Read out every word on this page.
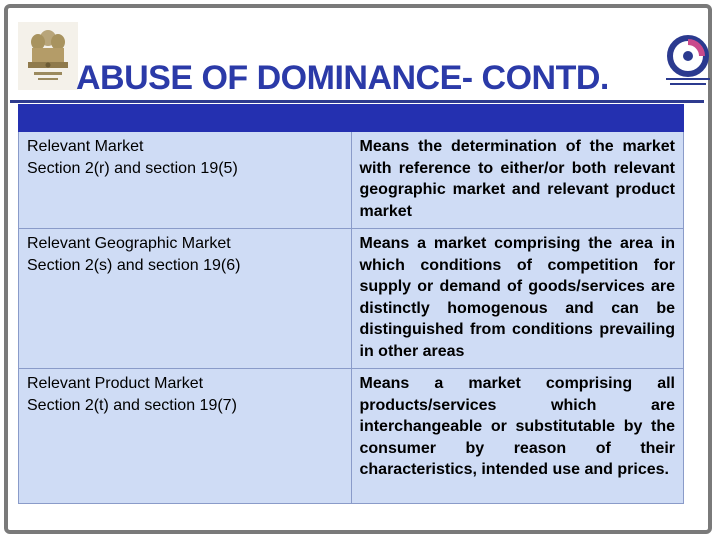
ABUSE OF DOMINANCE- CONTD.

Relevant Market
Section 2(r) and section 19(5)	Means the determination of the market with reference to either/or both relevant geographic market and relevant product market

Relevant Geographic Market
Section 2(s) and section 19(6)	Means a market comprising the area in which conditions of competition for supply or demand of goods/services are distinctly homogenous and can be distinguished from conditions prevailing in other areas

Relevant Product Market
Section 2(t) and section 19(7)	Means a market comprising all products/services which are interchangeable or substitutable by the consumer by reason of their characteristics, intended use and prices.
